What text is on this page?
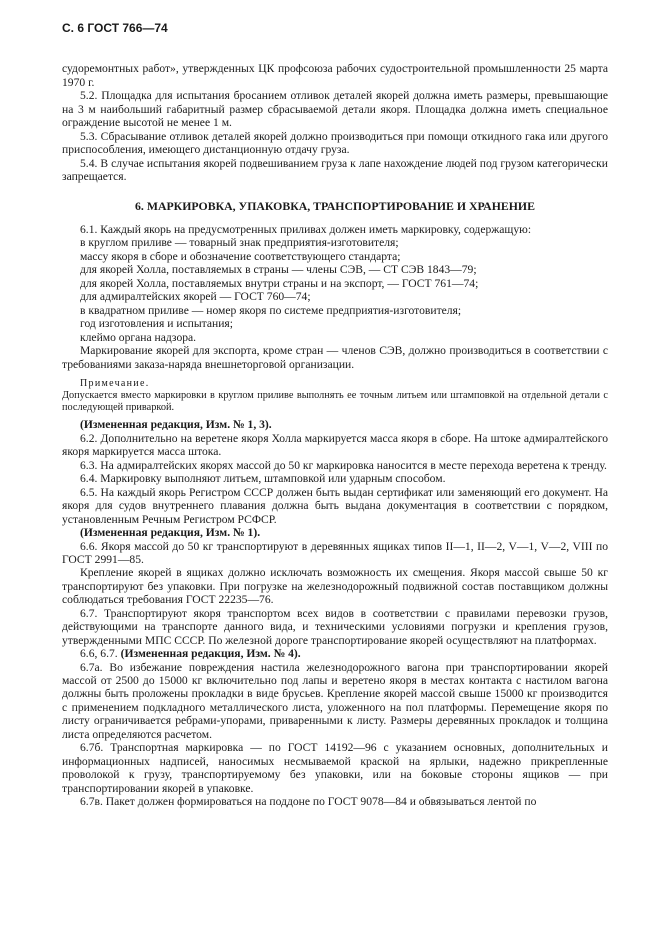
С. 6 ГОСТ 766—74

судоремонтных работ», утвержденных ЦК профсоюза рабочих судостроительной промышленности 25 марта 1970 г.

5.2. Площадка для испытания бросанием отливок деталей якорей должна иметь размеры, превышающие на 3 м наибольший габаритный размер сбрасываемой детали якоря. Площадка должна иметь специальное ограждение высотой не менее 1 м.

5.3. Сбрасывание отливок деталей якорей должно производиться при помощи откидного гака или другого приспособления, имеющего дистанционную отдачу груза.

5.4. В случае испытания якорей подвешиванием груза к лапе нахождение людей под грузом категорически запрещается.

6. МАРКИРОВКА, УПАКОВКА, ТРАНСПОРТИРОВАНИЕ И ХРАНЕНИЕ

6.1. Каждый якорь на предусмотренных приливах должен иметь маркировку, содержащую:

в круглом приливе — товарный знак предприятия-изготовителя;

массу якоря в сборе и обозначение соответствующего стандарта;

для якорей Холла, поставляемых в страны — члены СЭВ, — СТ СЭВ 1843—79;

для якорей Холла, поставляемых внутри страны и на экспорт, — ГОСТ 761—74;

для адмиралтейских якорей — ГОСТ 760—74;

в квадратном приливе — номер якоря по системе предприятия-изготовителя;

год изготовления и испытания;

клеймо органа надзора.

Маркирование якорей для экспорта, кроме стран — членов СЭВ, должно производиться в соответствии с требованиями заказа-наряда внешнеторговой организации.

Примечание.

Допускается вместо маркировки в круглом приливе выполнять ее точным литьем или штамповкой на отдельной детали с последующей приваркой.

(Измененная редакция, Изм. № 1, 3).

6.2. Дополнительно на веретене якоря Холла маркируется масса якоря в сборе. На штоке адмиралтейского якоря маркируется масса штока.

6.3. На адмиралтейских якорях массой до 50 кг маркировка наносится в месте перехода веретена к тренду.

6.4. Маркировку выполняют литьем, штамповкой или ударным способом.

6.5. На каждый якорь Регистром СССР должен быть выдан сертификат или заменяющий его документ. На якоря для судов внутреннего плавания должна быть выдана документация в соответствии с порядком, установленным Речным Регистром РСФСР.

(Измененная редакция, Изм. № 1).

6.6. Якоря массой до 50 кг транспортируют в деревянных ящиках типов II—1, II—2, V—1, V—2, VIII по ГОСТ 2991—85.

Крепление якорей в ящиках должно исключать возможность их смещения. Якоря массой свыше 50 кг транспортируют без упаковки. При погрузке на железнодорожный подвижной состав поставщиком должны соблюдаться требования ГОСТ 22235—76.

6.7. Транспортируют якоря транспортом всех видов в соответствии с правилами перевозки грузов, действующими на транспорте данного вида, и техническими условиями погрузки и крепления грузов, утвержденными МПС СССР. По железной дороге транспортирование якорей осуществляют на платформах.

6.6, 6.7. (Измененная редакция, Изм. № 4).

6.7а. Во избежание повреждения настила железнодорожного вагона при транспортировании якорей массой от 2500 до 15000 кг включительно под лапы и веретено якоря в местах контакта с настилом вагона должны быть проложены прокладки в виде брусьев. Крепление якорей массой свыше 15000 кг производится с применением подкладного металлического листа, уложенного на пол платформы. Перемещение якоря по листу ограничивается ребрами-упорами, приваренными к листу. Размеры деревянных прокладок и толщина листа определяются расчетом.

6.7б. Транспортная маркировка — по ГОСТ 14192—96 с указанием основных, дополнительных и информационных надписей, наносимых несмываемой краской на ярлыки, надежно прикрепленные проволокой к грузу, транспортируемому без упаковки, или на боковые стороны ящиков — при транспортировании якорей в упаковке.

6.7в. Пакет должен формироваться на поддоне по ГОСТ 9078—84 и обвязываться лентой по
